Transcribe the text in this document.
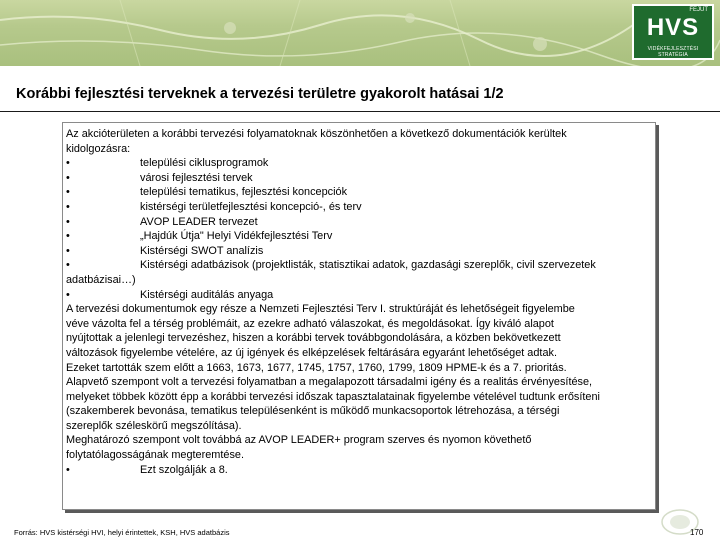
FEJÚT
HVS
VIDÉKFEJLESZTÉSI STRATÉGIA
Korábbi fejlesztési terveknek a tervezési területre gyakorolt hatásai 1/2
Az akcióterületen a korábbi tervezési folyamatoknak köszönhetően a következő dokumentációk kerültek
kidolgozásra:
•	települési ciklusprogramok
•	városi fejlesztési tervek
•	települési tematikus, fejlesztési koncepciók
•	kistérségi területfejlesztési koncepció-, és terv
•	AVOP LEADER tervezet
•	„Hajdúk Útja" Helyi Vidékfejlesztési Terv
•	Kistérségi SWOT analízis
•	Kistérségi adatbázisok (projektlisták, statisztikai adatok, gazdasági szereplők, civil szervezetek
adatbázisai…)
•	Kistérségi auditálás anyaga
A tervezési dokumentumok egy része a Nemzeti Fejlesztési Terv I. struktúráját és lehetőségeit figyelembe
véve vázolta fel a térség problémáit, az ezekre adható válaszokat, és megoldásokat. Így kiváló alapot
nyújtottak a jelenlegi tervezéshez, hiszen a korábbi tervek továbbgondolására, a közben bekövetkezett
változások figyelembe vételére, az új igények és elképzelések feltárására egyaránt lehetőséget adtak.
Ezeket tartották szem előtt a 1663, 1673, 1677, 1745, 1757, 1760, 1799, 1809 HPME-k és a 7. prioritás.
Alapvető szempont volt a tervezési folyamatban a megalapozott társadalmi igény és a realitás érvényesítése,
melyeket többek között épp a korábbi tervezési időszak tapasztalatainak figyelembe vételével tudtunk erősíteni
(szakemberek bevonása, tematikus településenként is működő munkacsoportok létrehozása, a térségi
szereplők széleskörű megszólítása).
Meghatározó szempont volt továbbá az AVOP LEADER+ program szerves és nyomon követhető
folytatólagosságának megteremtése.
•	Ezt szolgálják a 8.
Forrás: HVS kistérségi HVI, helyi érintettek, KSH, HVS adatbázis	170
